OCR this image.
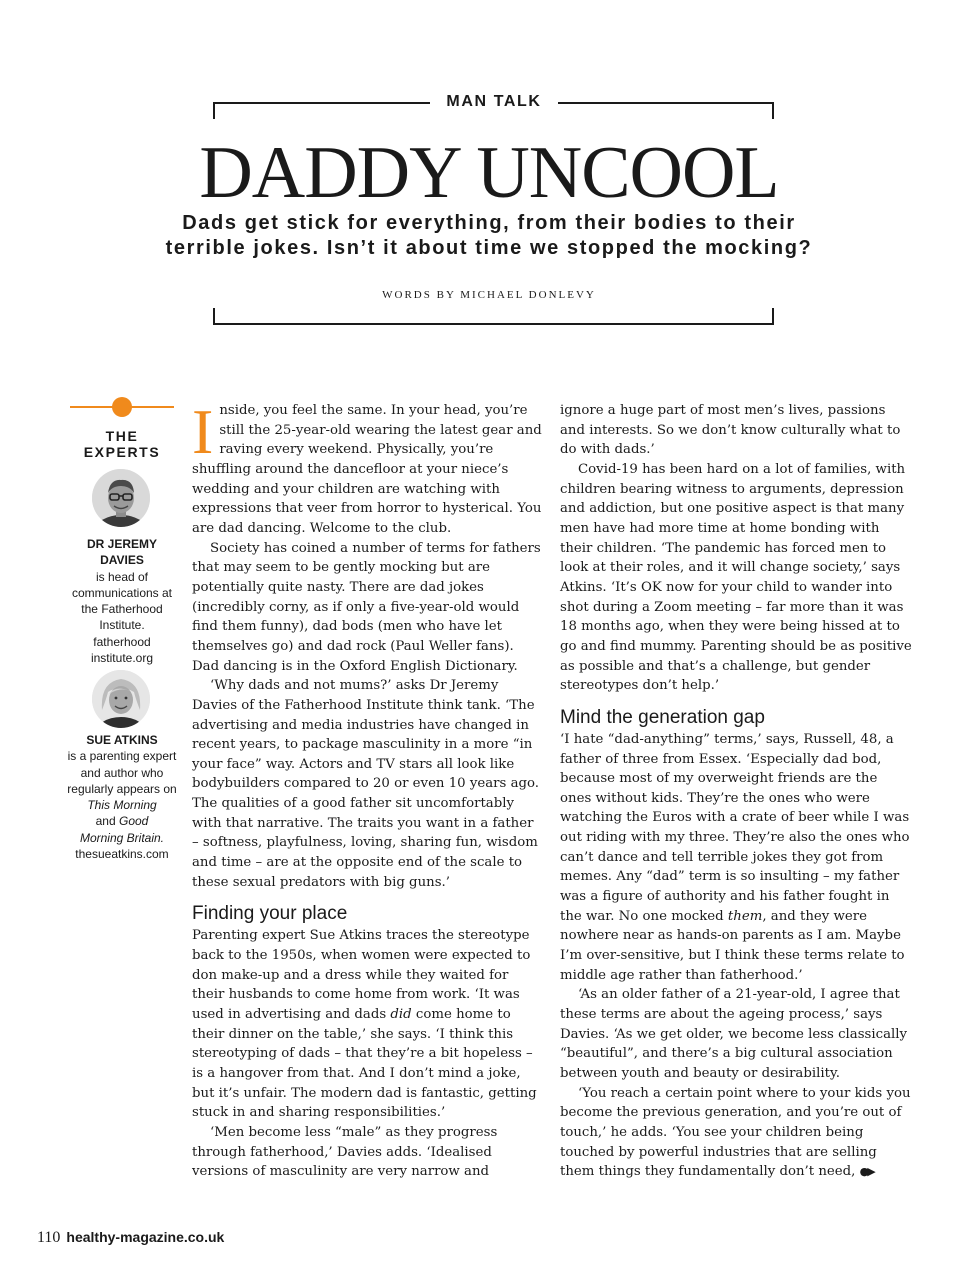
MAN TALK
DADDY UNCOOL
Dads get stick for everything, from their bodies to their terrible jokes. Isn’t it about time we stopped the mocking?
WORDS BY MICHAEL DONLEVY
THE
EXPERTS
DR JEREMY
DAVIES
is head of communications at the Fatherhood Institute.
fatherhood
institute.org
SUE ATKINS
is a parenting expert and author who regularly appears on
This Morning
and Good
Morning Britain.
thesueatkins.com

Inside, you feel the same. In your head, you’re still the 25-year-old wearing the latest gear and raving every weekend. Physically, you’re shuffling around the dancefloor at your niece’s wedding and your children are watching with expressions that veer from horror to hysterical. You are dad dancing. Welcome to the club.

Society has coined a number of terms for fathers that may seem to be gently mocking but are potentially quite nasty. There are dad jokes (incredibly corny, as if only a five-year-old would find them funny), dad bods (men who have let themselves go) and dad rock (Paul Weller fans). Dad dancing is in the Oxford English Dictionary.

‘Why dads and not mums?’ asks Dr Jeremy Davies of the Fatherhood Institute think tank. ‘The advertising and media industries have changed in recent years, to package masculinity in a more “in your face” way. Actors and TV stars all look like bodybuilders compared to 20 or even 10 years ago. The qualities of a good father sit uncomfortably with that narrative. The traits you want in a father – softness, playfulness, loving, sharing fun, wisdom and time – are at the opposite end of the scale to these sexual predators with big guns.’

Finding your place

Parenting expert Sue Atkins traces the stereotype back to the 1950s, when women were expected to don make-up and a dress while they waited for their husbands to come home from work. ‘It was used in advertising and dads did come home to their dinner on the table,’ she says. ‘I think this stereotyping of dads – that they’re a bit hopeless – is a hangover from that. And I don’t mind a joke, but it’s unfair. The modern dad is fantastic, getting stuck in and sharing responsibilities.’

‘Men become less “male” as they progress through fatherhood,’ Davies adds. ‘Idealised versions of masculinity are very narrow and

ignore a huge part of most men’s lives, passions and interests. So we don’t know culturally what to do with dads.’

Covid-19 has been hard on a lot of families, with children bearing witness to arguments, depression and addiction, but one positive aspect is that many men have had more time at home bonding with their children. ‘The pandemic has forced men to look at their roles, and it will change society,’ says Atkins. ‘It’s OK now for your child to wander into shot during a Zoom meeting – far more than it was 18 months ago, when they were being hissed at to go and find mummy. Parenting should be as positive as possible and that’s a challenge, but gender stereotypes don’t help.’

Mind the generation gap

‘I hate “dad-anything” terms,’ says, Russell, 48, a father of three from Essex. ‘Especially dad bod, because most of my overweight friends are the ones without kids. They’re the ones who were watching the Euros with a crate of beer while I was out riding with my three. They’re also the ones who can’t dance and tell terrible jokes they got from memes. Any “dad” term is so insulting – my father was a figure of authority and his father fought in the war. No one mocked them, and they were nowhere near as hands-on parents as I am. Maybe I’m over-sensitive, but I think these terms relate to middle age rather than fatherhood.’

‘As an older father of a 21-year-old, I agree that these terms are about the ageing process,’ says Davies. ‘As we get older, we become less classically “beautiful”, and there’s a big cultural association between youth and beauty or desirability.

‘You reach a certain point where to your kids you become the previous generation, and you’re out of touch,’ he adds. ‘You see your children being touched by powerful industries that are selling them things they fundamentally don’t need, ●▶

110 healthy-magazine.co.uk
